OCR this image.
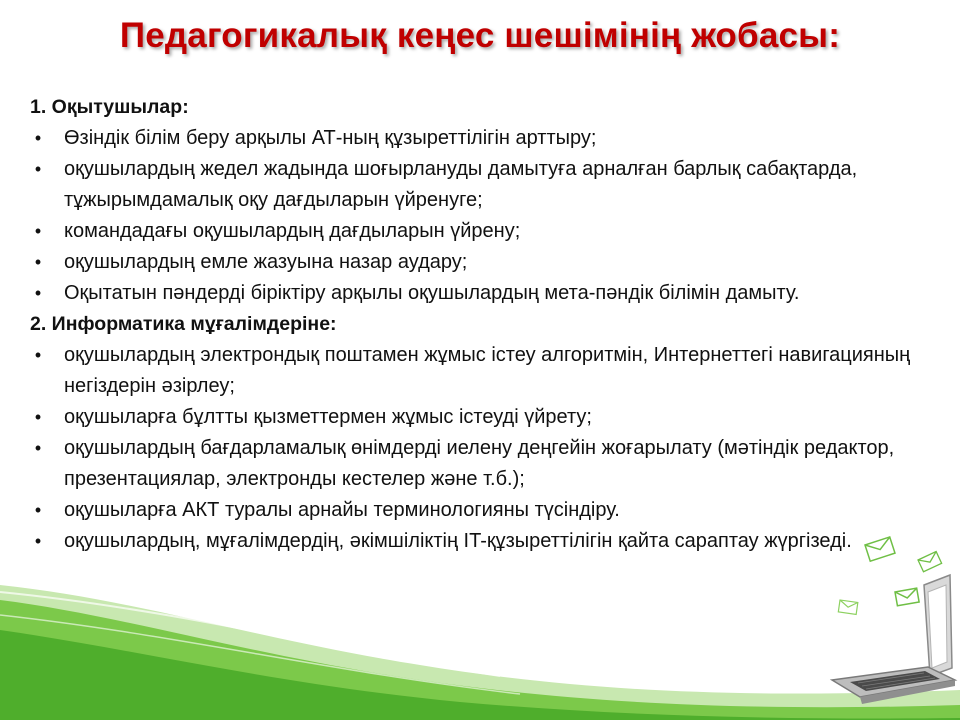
Педагогикалық кеңес шешімінің жобасы:

1. Оқытушылар:

• Өзіндік білім беру арқылы АТ-ның құзыреттілігін арттыру;
• оқушылардың жедел жадында шоғырлануды дамытуға арналған барлық сабақтарда, тұжырымдамалық оқу дағдыларын үйренуге;
• командадағы оқушылардың дағдыларын үйрену;
• оқушылардың емле жазуына назар аудару;
• Оқытатын пәндерді біріктіру арқылы оқушылардың мета-пәндік білімін дамыту.

2. Информатика мұғалімдеріне:

• оқушылардың электрондық поштамен жұмыс істеу алгоритмін, Интернеттегі навигацияның негіздерін әзірлеу;
• оқушыларға бұлтты қызметтермен жұмыс істеуді үйрету;
• оқушылардың бағдарламалық өнімдерді иелену деңгейін жоғарылату (мәтіндік редактор, презентациялар, электронды кестелер және т.б.);
• оқушыларға АКТ туралы арнайы терминологияны түсіндіру.
• оқушылардың, мұғалімдердің, әкімшіліктің IT-құзыреттілігін қайта сараптау жүргізеді.
